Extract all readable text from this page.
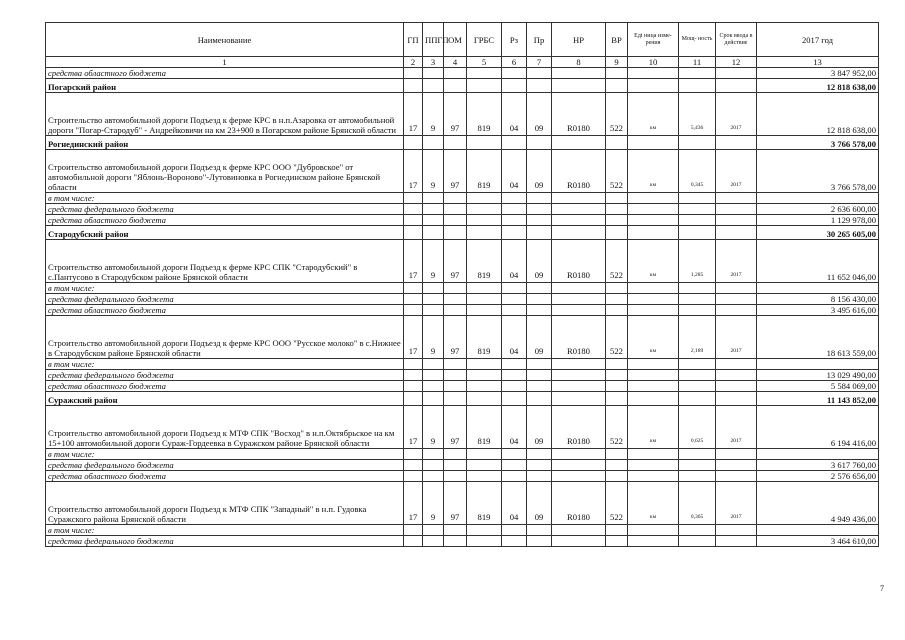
Наименование	ГП	ППГП	ОМ	ГРБС	Рз	Пр	НР	ВР	Еді ница изме- рения	Мощ- ность	Срок ввода в действие	2017 год
1	2	3	4	5	6	7	8	9	10	11	12	13
средства областного бюджета												3 847 952,00
Погарский район												12 818 638,00
Строительство автомобильной дороги Подъезд к ферме КРС в н.п.Азаровка от автомобильной дороги "Погар-Стародуб" - Андрейковичи на км 23+900 в Погарском районе Брянской области	17	9	97	819	04	09	R0180	522	км	5,436	2017	12 818 638,00
Рогнединский район												3 766 578,00
Строительство автомобильной дороги Подъезд к ферме КРС ООО "Дубровское" от автомобильной дороги "Яблонь-Вороново"-Лутовиновка в Рогнединском районе Брянской области	17	9	97	819	04	09	R0180	522	км	0,345	2017	3 766 578,00
в том числе:												
средства федерального бюджета												2 636 600,00
средства областного бюджета												1 129 978,00
Стародубский район												30 265 605,00
Строительство автомобильной дороги Подъезд к ферме КРС СПК "Стародубский" в с.Пантусово в Стародубском районе Брянской области	17	9	97	819	04	09	R0180	522	км	1,285	2017	11 652 046,00
в том числе:												
средства федерального бюджета												8 156 430,00
средства областного бюджета												3 495 616,00
Строительство автомобильной дороги Подъезд к ферме КРС ООО "Русское молоко" в с.Нижнее в Стародубском районе Брянской области	17	9	97	819	04	09	R0180	522	км	2,189	2017	18 613 559,00
в том числе:												
средства федерального бюджета												13 029 490,00
средства областного бюджета												5 584 069,00
Суражский район												11 143 852,00
Строительство автомобильной дороги Подъезд к МТФ СПК "Восход" в н.п.Октябрьское на км 15+100 автомобильной дороги Сураж-Гордеевка в Суражском районе Брянской области	17	9	97	819	04	09	R0180	522	км	0,625	2017	6 194 416,00
в том числе:												
средства федерального бюджета												3 617 760,00
средства областного бюджета												2 576 656,00
Строительство автомобильной дороги Подъезд к МТФ СПК "Западный" в н.п. Гудовка Суражского района Брянской области	17	9	97	819	04	09	R0180	522	км	0,365	2017	4 949 436,00
в том числе:												
средства федерального бюджета												3 464 610,00
7
